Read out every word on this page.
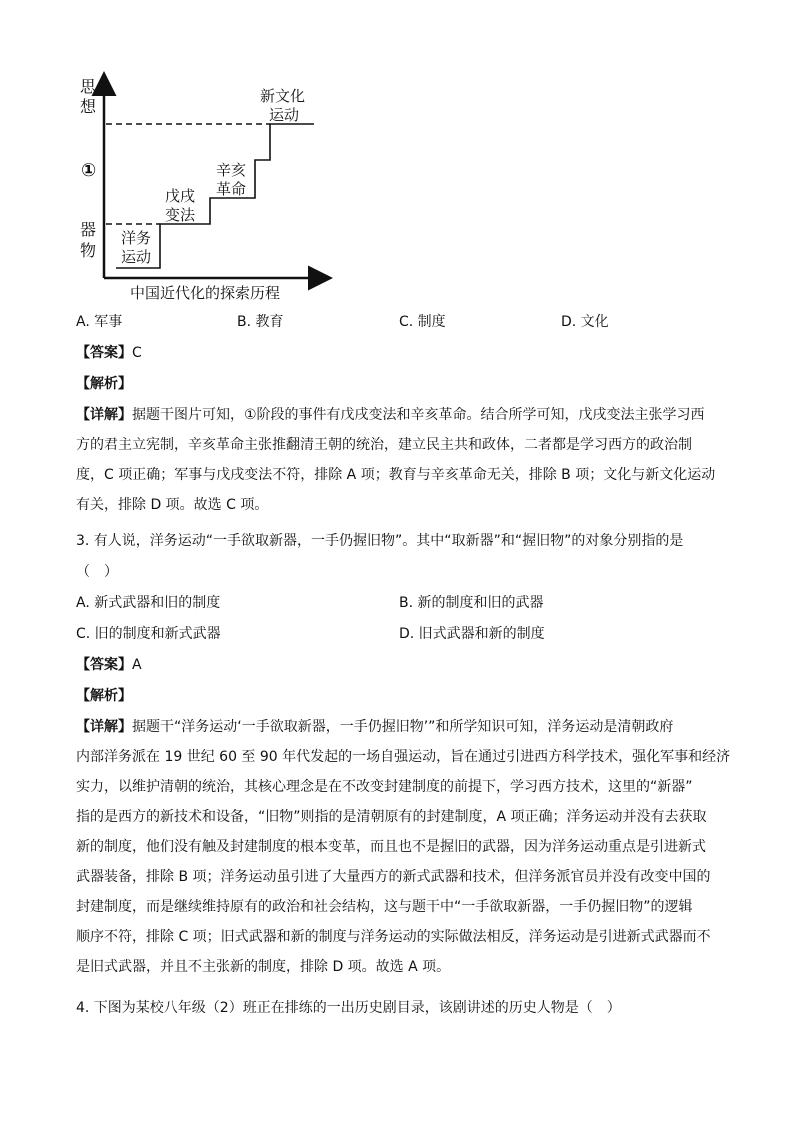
思
想
①
器
物
洋务
运动
戊戌
变法
辛亥
革命
新文化
运动
中国近代化的探索历程
A. 军事	B. 教育	C. 制度	D. 文化
【答案】C
【解析】
【详解】据题干图片可知，①阶段的事件有戊戌变法和辛亥革命。结合所学可知，戊戌变法主张学习西
方的君主立宪制，辛亥革命主张推翻清王朝的统治，建立民主共和政体，二者都是学习西方的政治制
度，C 项正确；军事与戊戌变法不符，排除 A 项；教育与辛亥革命无关，排除 B 项；文化与新文化运动
有关，排除 D 项。故选 C 项。
3. 有人说，洋务运动“一手欲取新器，一手仍握旧物”。其中“取新器”和“握旧物”的对象分别指的是
（　）
A. 新式武器和旧的制度	B. 新的制度和旧的武器
C. 旧的制度和新式武器	D. 旧式武器和新的制度
【答案】A
【解析】
【详解】据题干“洋务运动‘一手欲取新器，一手仍握旧物’”和所学知识可知，洋务运动是清朝政府
内部洋务派在 19 世纪 60 至 90 年代发起的一场自强运动，旨在通过引进西方科学技术，强化军事和经济
实力，以维护清朝的统治，其核心理念是在不改变封建制度的前提下，学习西方技术，这里的“新器”
指的是西方的新技术和设备，“旧物”则指的是清朝原有的封建制度，A 项正确；洋务运动并没有去获取
新的制度，他们没有触及封建制度的根本变革，而且也不是握旧的武器，因为洋务运动重点是引进新式
武器装备，排除 B 项；洋务运动虽引进了大量西方的新式武器和技术，但洋务派官员并没有改变中国的
封建制度，而是继续维持原有的政治和社会结构，这与题干中“一手欲取新器，一手仍握旧物”的逻辑
顺序不符，排除 C 项；旧式武器和新的制度与洋务运动的实际做法相反，洋务运动是引进新式武器而不
是旧式武器，并且不主张新的制度，排除 D 项。故选 A 项。
4. 下图为某校八年级（2）班正在排练的一出历史剧目录，该剧讲述的历史人物是（　）
